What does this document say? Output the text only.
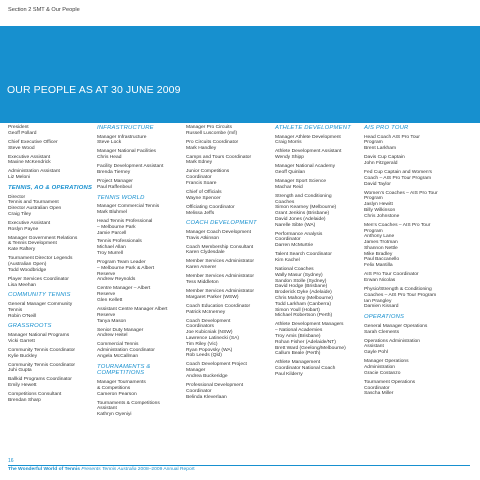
Section 2 SMT & Our People
OUR PEOPLE AS AT 30 JUNE 2009
President
Geoff Pollard
Chief Executive Officer
Steve Wood
Executive Assistant
Maxine McKendrick
Administration Assistant
Liz Meloni
TENNIS, AO & OPERATIONS
Director
Tennis and Tournament
Director Australian Open
Craig Tiley
Executive Assistant
Roslyn Payne
Manager Government Relations
& Tennis Development
Kate Raftery
Tournament Director Legends
(Australian Open)
Todd Woodbridge
Player Services Coordinator
Lisa Meehan
COMMUNITY TENNIS
General Manager Community
Tennis
Robin O'Neill
GRASSROOTS
Manager National Programs
Vicki Garrett
Community Tennis Coordinator
Kylie Buckley
Community Tennis Coordinator
Juhi Gupta
Ballkid Programs Coordinator
Emily Hewett
Competitions Consultant
Brendan Sharp
INFRASTRUCTURE
Manager Infrastructure
Steve Lock
Manager National Facilities
Chris Head
Facility Development Assistant
Brenda Tierney
Project Manager
Paul Raffenbeul
TENNIS WORLD
Manager Commercial Tennis
Mark Bluhmel
Head Tennis Professional
– Melbourne Park
Jamie Parcell
Tennis Professionals
Michael Allan
Troy Murrell
Program Team Leader
– Melbourne Park & Albert
Reserve
Andrew Reynolds
Centre Manager – Albert
Reserve
Glen Kellett
Assistant Centre Manager Albert
Reserve
Tanya Mason
Senior Duty Manager
Andrew Heitel
Commercial Tennis
Administration Coordinator
Angela McCallman
TOURNAMENTS & COMPETITIONS
Manager Tournaments
& Competitions
Cameron Pearson
Tournaments & Competitions
Assistant
Kathryn Oyeniyi
Manager Pro Circuits
Russell Luscombe (m/l)
Pro Circuits Coordinator
Mark Handley
Camps and Tours Coordinator
Mark Edney
Junior Competitions
Coordinator
Francis Soare
Chief of Officials
Wayne Spencer
Officiating Coordinator
Melissa Jeffs
COACH DEVELOPMENT
Manager Coach Development
Travis Atkinson
Coach Membership Consultant
Karen Clydesdale
Member Services Administrator
Karen Amerer
Member Services Administrator
Tess Middleton
Member Services Administrator
Margaret Parker (WSW)
Coach Education Coordinator
Patrick McInerney
Coach Development
Coordinators
Joe Kubicniak (NSW)
Lawrence Latinecki (SA)
Tim Riley (Vic)
Ryan Popovsky (WA)
Rob Leeds (Qld)
Coach Development Project
Manager
Andrea Buckeridge
Professional Development
Coordinator
Belinda Kleverlaan
ATHLETE DEVELOPMENT
Manager Athlete Development
Craig Morris
Athlete Development Assistant
Wendy Shipp
Manager National Academy
Geoff Quinlan
Manager Sport Science
Machar Reid
Strength and Conditioning
Coaches
Simon Kearney (Melbourne)
Grant Jenkins (Brisbane)
David Jones (Adelaide)
Narelle Sibte (WA)
Performance Analysis
Coordinator
Darren McMurtrie
Talent Search Coordinator
Kim Kachel
National Coaches
Wally Masur (Sydney)
Sandon Stolle (Sydney)
David Hodge (Brisbane)
Broderick Dyke (Adelaide)
Chris Mahony (Melbourne)
Todd Larkham (Canberra)
Simon Youll (Hobart)
Michael Robertson (Perth)
Athlete Development Managers
– National Academies
Troy Amis (Brisbane)
Rohan Fisher (Adelaide/NT)
Brett Ward (Geelong/Melbourne)
Callum Beale (Perth)
Athlete Management
Coordinator National Coach
Paul Kilderry
AIS PRO TOUR
Head Coach AIS Pro Tour
Program
Brent Larkham
Davis Cup Captain
John Fitzgerald
Fed Cup Captain and Women's
Coach – AIS Pro Tour Program
David Taylor
Women's Coaches – AIS Pro Tour
Program
Jaslyn Hewitt
Billy Wilkinson
Chris Johnstone
Men's Coaches – AIS Pro Tour
Program
Anthony Lane
James Trotman
Shannon Nettle
Mike Bradley
Paul Baccanello
Felix Mantilla
AIS Pro Tour Coordinator
Erwan Nicolas
Physio/Strength & Conditioning
Coaches – AIS Pro Tour Program
Ian Prangley
Damien Kissard
OPERATIONS
General Manager Operations
Sarah Clements
Operations Administration
Assistant
Gayle Pohl
Manager Operations
Administration
Gracie Costanzo
Tournament Operations
Coordinator
Sascha Miller
16
The Wonderful World of Tennis Presents Tennis Australia 2008–2009 Annual Report
